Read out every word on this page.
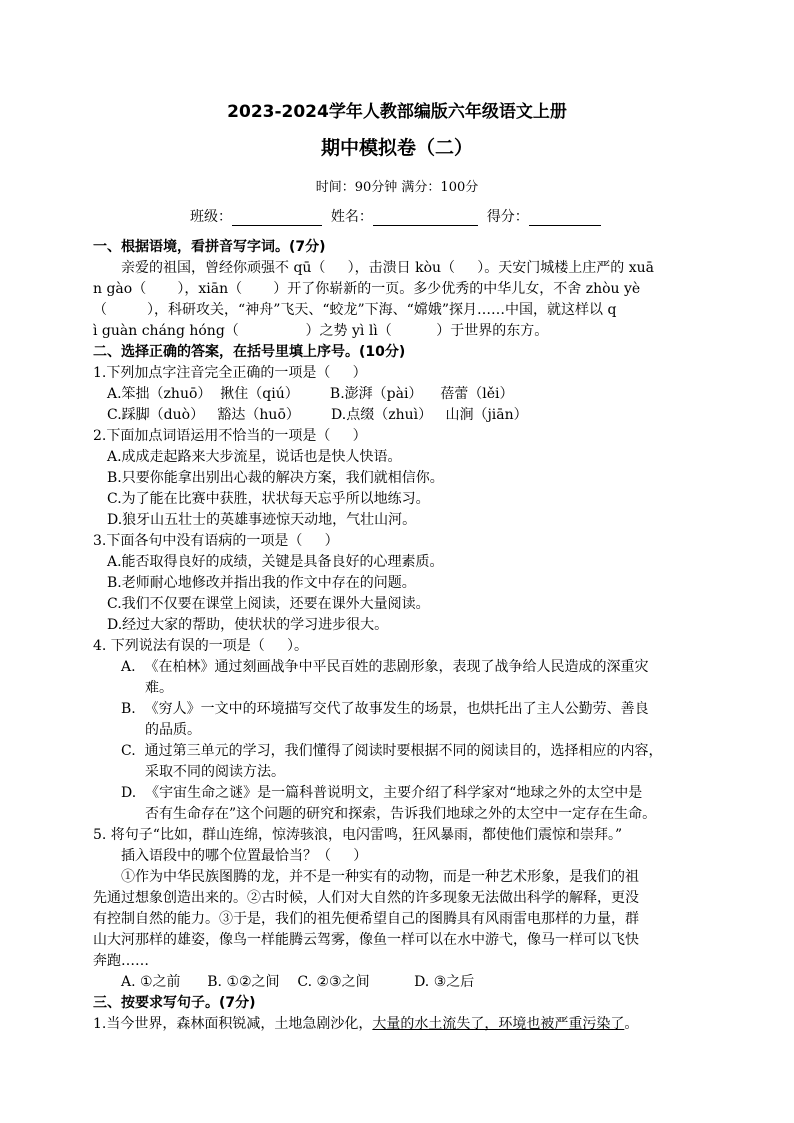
2023-2024学年人教部编版六年级语文上册
期中模拟卷（二）
时间：90分钟 满分：100分
班级：	姓名：	得分：
一、根据语境，看拼音写字词。(7分)
亲爱的祖国，曾经你顽强不 qū（     ），击溃日 kòu（     ）。天安门城楼上庄严的 xuā
n gào（       ），xiān（       ）开了你崭新的一页。多少优秀的中华儿女，不舍 zhòu yè
（         ），科研攻关，“神舟”飞天、“蛟龙”下海、“嫦娥”探月……中国，就这样以 q
ì guàn cháng hóng（               ）之势 yì lì（          ）于世界的东方。
二、选择正确的答案，在括号里填上序号。(10分)
1.下列加点字注音完全正确的一项是（     ）
A.笨拙（zhuō）  揪住（qiú）       B.澎湃（pài）    蓓蕾（lěi）
C.踩脚（duò）   豁达（huō）       D.点缀（zhuì）   山涧（jiān）
2.下面加点词语运用不恰当的一项是（     ）
A.成成走起路来大步流星，说话也是快人快语。
B.只要你能拿出别出心裁的解决方案，我们就相信你。
C.为了能在比赛中获胜，状状每天忘乎所以地练习。
D.狼牙山五壮士的英雄事迹惊天动地，气壮山河。
3.下面各句中没有语病的一项是（     ）
A.能否取得良好的成绩，关键是具备良好的心理素质。
B.老师耐心地修改并指出我的作文中存在的问题。
C.我们不仅要在课堂上阅读，还要在课外大量阅读。
D.经过大家的帮助，使状状的学习进步很大。
4. 下列说法有误的一项是（     ）。
A.  《在柏林》通过刻画战争中平民百姓的悲剧形象，表现了战争给人民造成的深重灾
难。
B.  《穷人》一文中的环境描写交代了故事发生的场景，也烘托出了主人公勤劳、善良
的品质。
C.  通过第三单元的学习，我们懂得了阅读时要根据不同的阅读目的，选择相应的内容，
采取不同的阅读方法。
D.  《宇宙生命之谜》是一篇科普说明文，主要介绍了科学家对“地球之外的太空中是
否有生命存在”这个问题的研究和探索，告诉我们地球之外的太空中一定存在生命。
5. 将句子“比如，群山连绵，惊涛骇浪，电闪雷鸣，狂风暴雨，都使他们震惊和崇拜。”
插入语段中的哪个位置最恰当？（     ）
①作为中华民族图腾的龙，并不是一种实有的动物，而是一种艺术形象，是我们的祖
先通过想象创造出来的。②古时候，人们对大自然的许多现象无法做出科学的解释，更没
有控制自然的能力。③于是，我们的祖先便希望自己的图腾具有风雨雷电那样的力量，群
山大河那样的雄姿，像鸟一样能腾云驾雾，像鱼一样可以在水中游弋，像马一样可以飞快
奔跑……
A. ①之前      B. ①②之间    C. ②③之间          D. ③之后
三、按要求写句子。(7分)
1.当今世界，森林面积锐减，土地急剧沙化，大量的水土流失了，环境也被严重污染了。
